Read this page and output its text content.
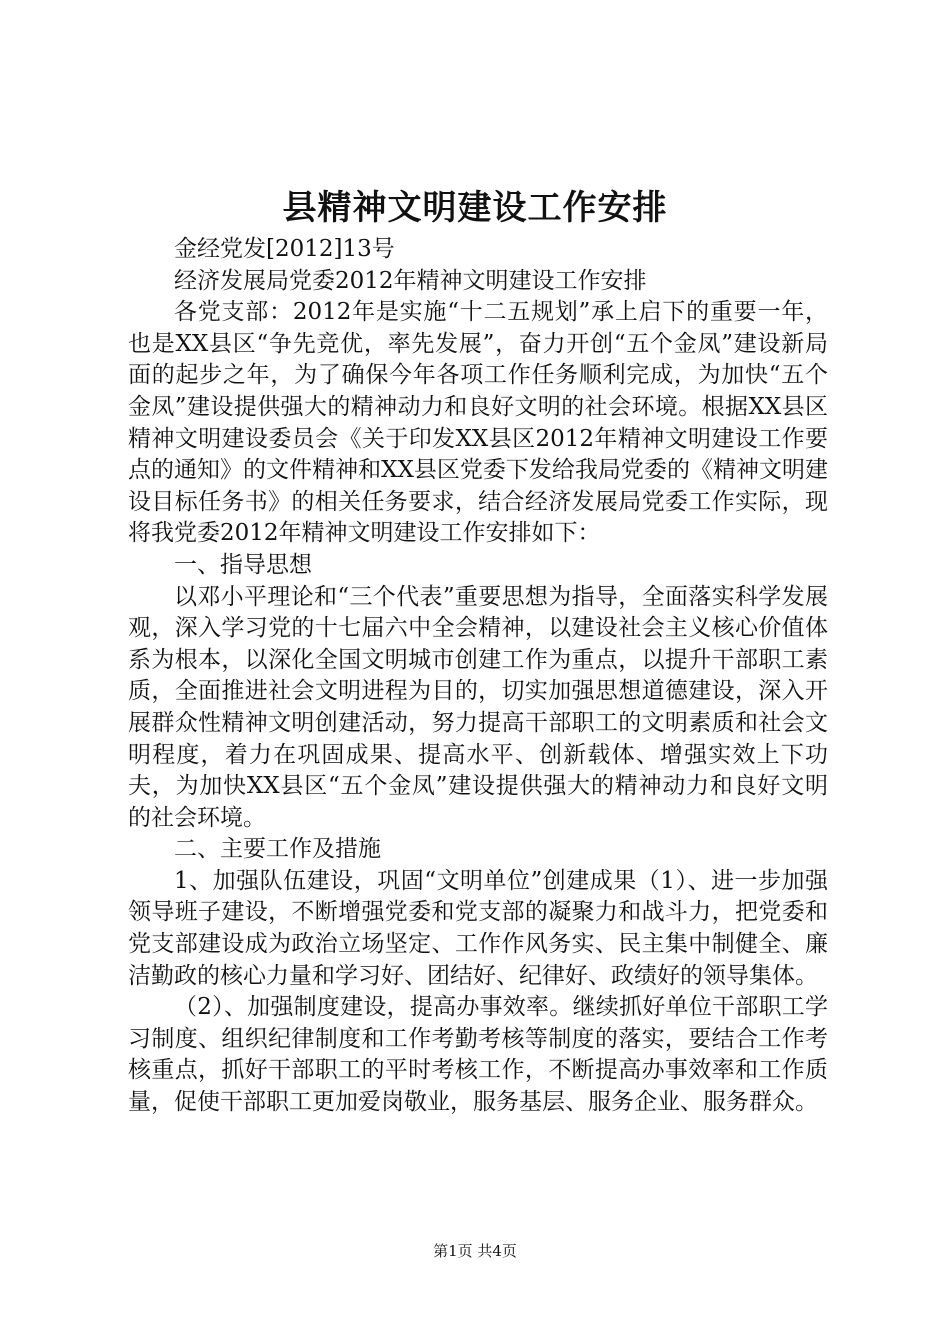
县精神文明建设工作安排

金经党发[2012]13号

经济发展局党委2012年精神文明建设工作安排

各党支部：2012年是实施“十二五规划”承上启下的重要一年，也是XX县区“争先竞优，率先发展”，奋力开创“五个金凤”建设新局面的起步之年，为了确保今年各项工作任务顺利完成，为加快“五个金凤”建设提供强大的精神动力和良好文明的社会环境。根据XX县区精神文明建设委员会《关于印发XX县区2012年精神文明建设工作要点的通知》的文件精神和XX县区党委下发给我局党委的《精神文明建设目标任务书》的相关任务要求，结合经济发展局党委工作实际，现将我党委2012年精神文明建设工作安排如下：

一、指导思想

以邓小平理论和“三个代表”重要思想为指导，全面落实科学发展观，深入学习党的十七届六中全会精神，以建设社会主义核心价值体系为根本，以深化全国文明城市创建工作为重点，以提升干部职工素质，全面推进社会文明进程为目的，切实加强思想道德建设，深入开展群众性精神文明创建活动，努力提高干部职工的文明素质和社会文明程度，着力在巩固成果、提高水平、创新载体、增强实效上下功夫，为加快XX县区“五个金凤”建设提供强大的精神动力和良好文明的社会环境。

二、主要工作及措施

1、加强队伍建设，巩固“文明单位”创建成果（1）、进一步加强领导班子建设，不断增强党委和党支部的凝聚力和战斗力，把党委和党支部建设成为政治立场坚定、工作作风务实、民主集中制健全、廉洁勤政的核心力量和学习好、团结好、纪律好、政绩好的领导集体。

（2）、加强制度建设，提高办事效率。继续抓好单位干部职工学习制度、组织纪律制度和工作考勤考核等制度的落实，要结合工作考核重点，抓好干部职工的平时考核工作，不断提高办事效率和工作质量，促使干部职工更加爱岗敬业，服务基层、服务企业、服务群众。

第1页 共4页
